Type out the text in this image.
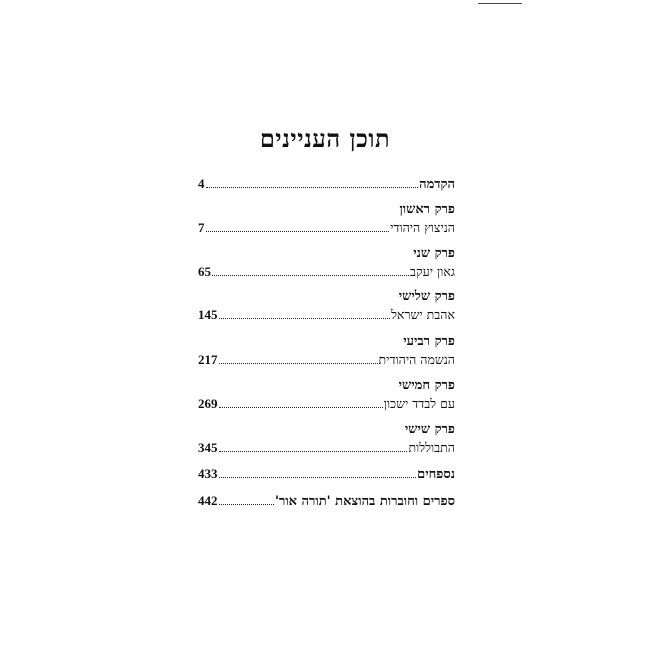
תוכן העניינים
הקדמה
4
פרק ראשון
הניצוץ היהודי
7
פרק שני
גאון יעקב
65
פרק שלישי
אהבת ישראל
145
פרק רביעי
הנשמה היהודית
217
פרק חמישי
עם לבדד ישכון
269
פרק שישי
התבוללות
345
נספחים
433
ספרים וחוברות בהוצאת 'תורה אור'
442
